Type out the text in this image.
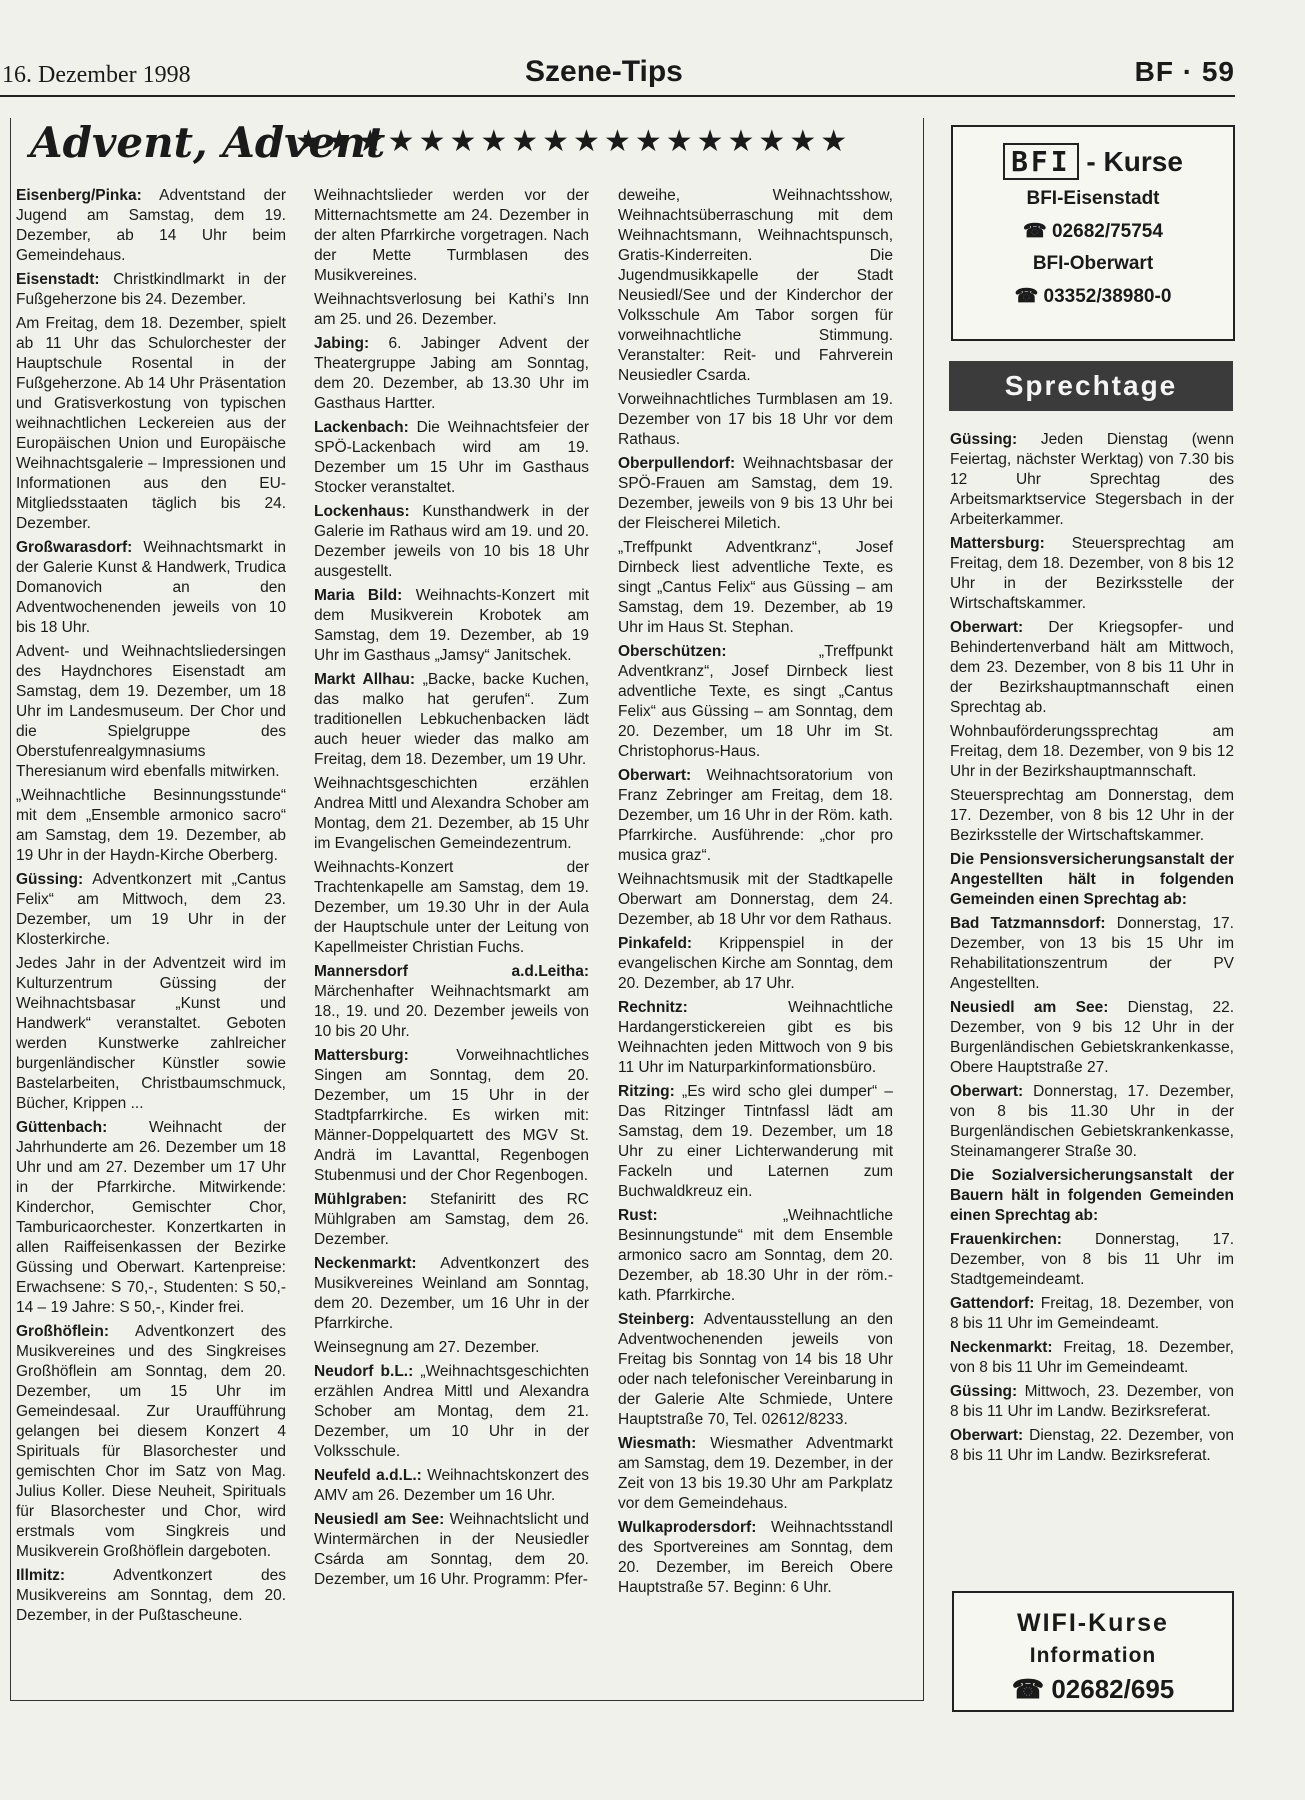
16. Dezember 1998	Szene-Tips	BF · 59
Advent, Advent
★★★★★★★★★★★★★★★★★★

Eisenberg/Pinka: Adventstand der Jugend am Samstag, dem 19. Dezember, ab 14 Uhr beim Gemeindehaus.

Eisenstadt: Christkindlmarkt in der Fußgeherzone bis 24. Dezember.

Am Freitag, dem 18. Dezember, spielt ab 11 Uhr das Schulorchester der Hauptschule Rosental in der Fußgeherzone. Ab 14 Uhr Präsentation und Gratisverkostung von typischen weihnachtlichen Leckereien aus der Europäischen Union und Europäische Weihnachtsgalerie – Impressionen und Informationen aus den EU-Mitgliedsstaaten täglich bis 24. Dezember.

Großwarasdorf: Weihnachtsmarkt in der Galerie Kunst & Handwerk, Trudica Domanovich an den Adventwochenenden jeweils von 10 bis 18 Uhr.

Advent- und Weihnachtsliedersingen des Haydnchores Eisenstadt am Samstag, dem 19. Dezember, um 18 Uhr im Landesmuseum. Der Chor und die Spielgruppe des Oberstufenrealgymnasiums Theresianum wird ebenfalls mitwirken.

„Weihnachtliche Besinnungsstunde“ mit dem „Ensemble armonico sacro“ am Samstag, dem 19. Dezember, ab 19 Uhr in der Haydn-Kirche Oberberg.

Güssing: Adventkonzert mit „Cantus Felix“ am Mittwoch, dem 23. Dezember, um 19 Uhr in der Klosterkirche.

Jedes Jahr in der Adventzeit wird im Kulturzentrum Güssing der Weihnachtsbasar „Kunst und Handwerk“ veranstaltet. Geboten werden Kunstwerke zahlreicher burgenländischer Künstler sowie Bastelarbeiten, Christbaumschmuck, Bücher, Krippen ...

Güttenbach:	Weihnacht der Jahrhunderte am 26. Dezember um 18 Uhr und am 27. Dezember um 17 Uhr in der Pfarrkirche. Mitwirkende: Kinderchor, Gemischter Chor, Tamburicaorchester. Konzertkarten in allen Raiffeisenkassen der Bezirke Güssing und Oberwart. Kartenpreise: Erwachsene: S 70,-, Studenten: S 50,- 14 – 19 Jahre: S 50,-, Kinder frei.

Großhöflein: Adventkonzert des Musikvereines und des Singkreises Großhöflein am Sonntag, dem 20. Dezember, um 15 Uhr im Gemeindesaal. Zur Uraufführung gelangen bei diesem Konzert 4 Spirituals für Blasorchester und gemischten Chor im Satz von Mag. Julius Koller. Diese Neuheit, Spirituals für Blasorchester und Chor, wird erstmals vom Singkreis und Musikverein Großhöflein dargeboten.

Illmitz:	Adventkonzert des Musikvereins am Sonntag, dem 20. Dezember, in der Pußtascheune.

Weihnachtslieder werden vor der Mitternachtsmette am 24. Dezember in der alten Pfarrkirche vorgetragen. Nach der Mette Turmblasen des Musikvereines.

Weihnachtsverlosung bei Kathi’s Inn am 25. und 26. Dezember.

Jabing: 6. Jabinger Advent der Theatergruppe Jabing am Sonntag, dem 20. Dezember, ab 13.30 Uhr im Gasthaus Hartter.

Lackenbach: Die Weihnachtsfeier der SPÖ-Lackenbach wird am 19. Dezember um 15 Uhr im Gasthaus Stocker veranstaltet.

Lockenhaus: Kunsthandwerk in der Galerie im Rathaus wird am 19. und 20. Dezember jeweils von 10 bis 18 Uhr ausgestellt.

Maria Bild: Weihnachts-Konzert mit dem Musikverein Krobotek am Samstag, dem 19. Dezember, ab 19 Uhr im Gasthaus „Jamsy“ Janitschek.

Markt Allhau: „Backe, backe Kuchen, das malko hat gerufen“. Zum traditionellen Lebkuchenbacken lädt auch heuer wieder das malko am Freitag, dem 18. Dezember, um 19 Uhr.

Weihnachtsgeschichten erzählen Andrea Mittl und Alexandra Schober am Montag, dem 21. Dezember, ab 15 Uhr im Evangelischen Gemeindezentrum.

Weihnachts-Konzert der Trachtenkapelle am Samstag, dem 19. Dezember, um 19.30 Uhr in der Aula der Hauptschule unter der Leitung von Kapellmeister Christian Fuchs.

Mannersdorf a.d.Leitha: Märchenhafter Weihnachtsmarkt am 18., 19. und 20. Dezember jeweils von 10 bis 20 Uhr.

Mattersburg:	Vorweihnachtliches Singen am Sonntag, dem 20. Dezember, um 15 Uhr in der Stadtpfarrkirche. Es wirken mit: Männer-Doppelquartett des MGV St. Andrä im Lavanttal, Regenbogen Stubenmusi und der Chor Regenbogen.

Mühlgraben: Stefaniritt des RC Mühlgraben am Samstag, dem 26. Dezember.

Neckenmarkt: Adventkonzert des Musikvereines Weinland am Sonntag, dem 20. Dezember, um 16 Uhr in der Pfarrkirche.

Weinsegnung am 27. Dezember.

Neudorf b.L.: „Weihnachtsgeschichten erzählen Andrea Mittl und Alexandra Schober am Montag, dem 21. Dezember, um 10 Uhr in der Volksschule.

Neufeld a.d.L.: Weihnachtskonzert des AMV am 26. Dezember um 16 Uhr.

Neusiedl am See: Weihnachtslicht und Wintermärchen in der Neusiedler Csárda am Sonntag, dem 20. Dezember, um 16 Uhr. Programm: Pfer-

deweihe, Weihnachtsshow, Weihnachtsüberraschung mit dem Weihnachtsmann, Weihnachtspunsch, Gratis-Kinderreiten. Die Jugendmusikkapelle der Stadt Neusiedl/See und der Kinderchor der Volksschule Am Tabor sorgen für vorweihnachtliche Stimmung. Veranstalter: Reit- und Fahrverein Neusiedler Csarda.

Vorweihnachtliches Turmblasen am 19. Dezember von 17 bis 18 Uhr vor dem Rathaus.

Oberpullendorf: Weihnachtsbasar der SPÖ-Frauen am Samstag, dem 19. Dezember, jeweils von 9 bis 13 Uhr bei der Fleischerei Miletich.

„Treffpunkt Adventkranz“, Josef Dirnbeck liest adventliche Texte, es singt „Cantus Felix“ aus Güssing – am Samstag, dem 19. Dezember, ab 19 Uhr im Haus St. Stephan.

Oberschützen:	„Treffpunkt Adventkranz“, Josef Dirnbeck liest adventliche Texte, es singt „Cantus Felix“ aus Güssing – am Sonntag, dem 20. Dezember, um 18 Uhr im St. Christophorus-Haus.

Oberwart: Weihnachtsoratorium von Franz Zebringer am Freitag, dem 18. Dezember, um 16 Uhr in der Röm. kath. Pfarrkirche. Ausführende: „chor pro musica graz“.

Weihnachtsmusik mit der Stadtkapelle Oberwart am Donnerstag, dem 24. Dezember, ab 18 Uhr vor dem Rathaus.

Pinkafeld: Krippenspiel in der evangelischen Kirche am Sonntag, dem 20. Dezember, ab 17 Uhr.

Rechnitz:	Weihnachtliche Hardangerstickereien gibt es bis Weihnachten jeden Mittwoch von 9 bis 11 Uhr im Naturparkinformationsbüro.

Ritzing: „Es wird scho glei dumper“ – Das Ritzinger Tintnfassl lädt am Samstag, dem 19. Dezember, um 18 Uhr zu einer Lichterwanderung mit Fackeln und Laternen zum Buchwaldkreuz ein.

Rust:	„Weihnachtliche Besinnungstunde“ mit dem Ensemble armonico sacro am Sonntag, dem 20. Dezember, ab 18.30 Uhr in der röm.-kath. Pfarrkirche.

Steinberg: Adventausstellung an den Adventwochenenden jeweils von Freitag bis Sonntag von 14 bis 18 Uhr oder nach telefonischer Vereinbarung in der Galerie Alte Schmiede, Untere Hauptstraße 70, Tel. 02612/8233.

Wiesmath: Wiesmather Adventmarkt am Samstag, dem 19. Dezember, in der Zeit von 13 bis 19.30 Uhr am Parkplatz vor dem Gemeindehaus.

Wulkaprodersdorf: Weihnachtsstandl des Sportvereines am Sonntag, dem 20. Dezember, im Bereich Obere Hauptstraße 57. Beginn: 6 Uhr.

BFI - Kurse
BFI-Eisenstadt
☎ 02682/75754
BFI-Oberwart
☎ 03352/38980-0
Sprechtage

Güssing: Jeden Dienstag (wenn Feiertag, nächster Werktag) von 7.30 bis 12 Uhr Sprechtag des Arbeitsmarktservice Stegersbach in der Arbeiterkammer.

Mattersburg: Steuersprechtag am Freitag, dem 18. Dezember, von 8 bis 12 Uhr in der Bezirksstelle der Wirtschaftskammer.

Oberwart: Der Kriegsopfer- und Behindertenverband hält am Mittwoch, dem 23. Dezember, von 8 bis 11 Uhr in der Bezirkshauptmannschaft einen Sprechtag ab.

Wohnbauförderungssprechtag am Freitag, dem 18. Dezember, von 9 bis 12 Uhr in der Bezirkshauptmannschaft.

Steuersprechtag am Donnerstag, dem 17. Dezember, von 8 bis 12 Uhr in der Bezirksstelle der Wirtschaftskammer.

Die Pensionsversicherungsanstalt der Angestellten hält in folgenden Gemeinden einen Sprechtag ab:

Bad Tatzmannsdorf: Donnerstag, 17. Dezember, von 13 bis 15 Uhr im Rehabilitationszentrum der PV Angestellten.

Neusiedl am See: Dienstag, 22. Dezember, von 9 bis 12 Uhr in der Burgenländischen Gebietskrankenkasse, Obere Hauptstraße 27.

Oberwart: Donnerstag, 17. Dezember, von 8 bis 11.30 Uhr in der Burgenländischen Gebietskrankenkasse, Steinamangerer Straße 30.

Die Sozialversicherungsanstalt der Bauern hält in folgenden Gemeinden einen Sprechtag ab:

Frauenkirchen: Donnerstag, 17. Dezember, von 8 bis 11 Uhr im Stadtgemeindeamt.

Gattendorf: Freitag, 18. Dezember, von 8 bis 11 Uhr im Gemeindeamt.

Neckenmarkt: Freitag, 18. Dezember, von 8 bis 11 Uhr im Gemeindeamt.

Güssing: Mittwoch, 23. Dezember, von 8 bis 11 Uhr im Landw. Bezirksreferat.

Oberwart: Dienstag, 22. Dezember, von 8 bis 11 Uhr im Landw. Bezirksreferat.

WIFI-Kurse
Information
☎ 02682/695
